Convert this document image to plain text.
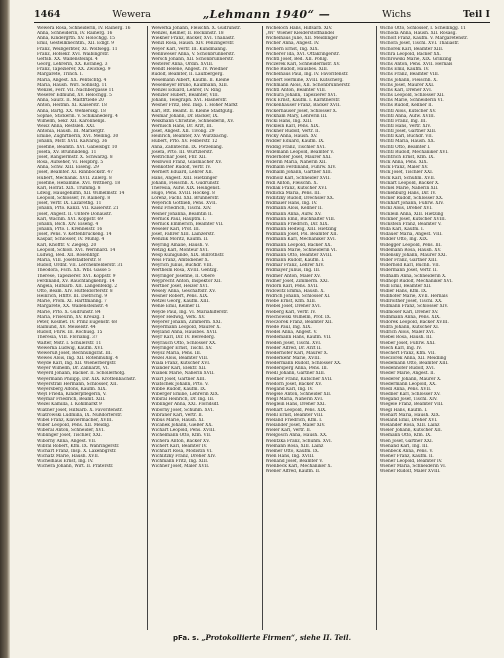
1464	Wewera	„Lehmann 1940“ —	Wichs	Teil I
Wewera Rosa, Schneiderin, IV. Rainerg. 16
Anna, Schneiderin, IV. Rainerg. 16
Anna, Kindergrtn. XV. Holochgg. 15
Emil, Gestellknechtm., XII. Edlgf. 9
Franz, Weißgerbter, XI. Wolfsegg. 11
Franz, Hofsekr. XVI. Waibingrstr.
Geftsb. XX. Wallensteinpl. 4
Georg, Lehrerin, XX. Koraneg. 3
Franz, Tapezierer, XX. Zwickeg. 9
Margarete, Trinch. I.
Maria, Angest. XX. Pentschtg. 4
Maria, Haush. Wirl. Sohnsfg. 11
Wenzel, Ferr. VII. Nächbergasse 11
Weserer Edmund, XV. Helochgg. 5
Anna, Säurz. II. Maltfrtiede 20
Anton, Heitmn. XI. Kaiserstr. 18
Anna, Bärtg. XX. Wehlerskg. 18
Sophie, Stickerin. V. Schikanederg. 4
Wilhelm, Sekr. XII. Karolinenpl.
Weisz Anna, Restsleh. XXI.
Antonia, Haush. III. Marxergtr.
Emilie, Zughrtnerin, XVI. Melling. 30
Johann, Mstr. XVII. Kalvarsg. 36
Josefine, Beamtn. XVI. Gabelsbgr. 10
Josefa, XV. Brunhildeng. 11
Josef, Rangiermstr. X. Schwarzg. 8
Rosa, Aufseher, VI. Heipbrg. 5
Anna, Schw. XIII. Eiseng. 29
Josef, Beamter. XI. Rinnböckstr. 47
Hubert, Mechanik. XVII. Zillerg. 8
Josefine, Hebamme. XVI. Wittnerg. 18
Karl, Hofrat. XIX. Trummg. 8
Ldwig, Hausgehilfin, XII. Wilhelmstr. 14
Leopold, Schlosser, IV. Rainerg. 8
Josef, Vertr. IX. Lazarethg. 11
Johann, Prto. Kanzl. VII. Kaiserstr. 21
Josef, Angest. II. Untere Donaustr.
Karl, Wachm. XVI. Koppstr. 69
Johann, Bsch. XIV. Eiseng. 4
Johann, Prto. I. Krehnelstr. 16
Josef, Pens. V. Kettenbrückeng. 14
Kaspar, Schlosser, IV. Mühlg. 4
Karl, Khofftr. V. Ziegelg. 20
Leopold, Schloß. XVI. Wernhard. 14
Ludwig, Bed. XII. Rosenhfgr.
Maria, VIII. Josefstädterstr. 8
Rudolf, Ordnf. VII. Lerchenfelderstr. 31
Theodora, Fsch. XX. Wbl. Gasse 5
Therese, Tapezierer. XVI. Koppstr. 9
Ferdinand, XV. Rauchfangkehrg. 14
Angela, Hilfsarb. XII. Längenfeldg. 2
Otto, Beam. XIV. Hütteldorferstr. 8
Heinrich, Hflftv. III. Dietrichg. 9
Marie, Prom. XI. Harttmanng. 7
Margarete, XX. Wallensteinstr. 4
Marie, Prto. X. Gudrunstr. 84
Maria, Friseurin, XV. Kreuzg. 1
Peter, Kosmet. IV. Prinz Eugenstr. 68
Raimund, XV. Meiselstr. 44
Rudolf, Fhrw. III. Rochusg. 15
Theresia, VIII. Florianig. 37
Walter, Mstr. I. Schulerstr. 11
Wewerka Ludwig, Kaufm. XVI.
Weweruß Josef, Rechnungsrat. III.
Wewes Alois, Ing. XII. Rotenmühlg. 4
Weyde Karl, Ing. XII. Wienerbergstr.
Weyer Wilhelm, Dr. Zahnarzt, VI.
Weyerd Johann, Bäcker. II. Schöllerhofg.
Weyermann Philipp, Dir. XIX. Krottenbachstr.
Weyerstraß Hermann, Schlosser, XII.
Weyersberg Alfons, Kaufm. XIX.
Weyl Frieda, Kinderpflegerin, V.
Weymar Friedrich, Beamt. XIII.
Wezel Kamilla, I. Kohlmarkt 9
Wiatner Josef, Hilfsarb. X. Favoritenstr.
Wiatrowski Ludmilla, IX. Nußdorferstr.
Wibel Franz, Klaviermacher, XVIII.
Wiber Leopold, Pens. XII. Meidlg.
Wiberal Anton, Schneider, XVI.
Wiblinger Josef, Tischler, XXI.
Wiborny Anna, Angest. VII.
Wibral Robert, Kfm. IX. Währingerstr.
Wichart Franz, Insp. X. Laxenbgrstr.
Wichatz Marie, Haush. XVII.
Wichelhaus Ernst, Ing. IV.
Wichera Johann, Wirt. II. Praterstr.
Wewerka Johann, Fleischh. X. Gudrunstr.
Wenzel, Kellner, II. Böcklinstr. 18
Wiekner Franz, Bäcker, XVI. Thaliastr.
Wenzl Rosa, Haush. XIV. Penzingerstr.
Weyer Karl, Vertr. III. Kundmanng.
Wennweser Anna, V. Schönbrunnerstr.
Wersch Johann, XII. Schönbrunnerstr.
Weiterer Anna, Ordin. XVIII.
Wendt Helene, Angest. IV. Wiedner
Rudolf, Beamter, II. Laufbergerg.
Wesemann Albert, Kaufm. II. Kleine
Wesemeyer Bruno, Kaufmann, XIII.
Wenzel Eduard, Lehrer, IV. Ring
Wenzler Hubert, Beamter, VIII.
Johann, Telegraph. XVI. Hasnerstr.
Wesner Fritz, Bez. Insp. I. Hoher Markt
Karl, Rtt. Beamt. II. Kleine Stadtgutg.
Weimar Johann, Dr. Bäcker, IX.
Weikmann Christine, Schneiderin, XV.
Wernisch Hans, Dr. Arzt, III.
Josef, Angest. XII. Tivolig. 29
Heinrich, Beamter, XV. Wurzbachg.
Hubert, Prto. XV. Felberstr. 12
Anna, Zahntechn. IX. Porzellang.
Josefa, Prto. III. Würtzlerstr.
Weltrichar Josef, Fhr. XII.
Weißwoll Franz, Glasmacher XV.
Weßkotter Rudolf, Vertr. IV.
Wernert Eduard, Lehrer XII.
Hans, Angest. XIII. Hietzinger
Johann, Fleischh. X. Gudrunstr.
Theresia, Aufw. XIX. Heiligenst.
Hugo, Pens. XVIII. Hockeg. 8
Lorenz, Fachl. XXI. Brünnerstr.
Weyerich Gottlieb, Pens. XVII.
Wenz Friedrich, Tischl. XIV.
Weiner Johanna, Beamtin II.
Wernick Paul, Hauptm. I.
Wernick Emmerich, Beamter VII.
Weseler Karl, Prof. III.
Josef, Fahrer XIII. Lainzerstr.
Wenzlik Moritz, Kaufm. II.
Weyring Amalie, Haush. V.
Wetzig Karl, Monteur XVI.
Wesp Kunigunde, XIX. Billrothstr.
Weis Franz, Amtsdiener X.
Weyrich Julius, Buchdr. VIII.
Wertheim Rosa, XVIII. Gentzg.
Weyringer Josefine, II. Obere
Weyprecht Anton, Inspektor XII.
Wertner Josef, Heizer XVI.
Wesely Anna, Geschäftsfr. XV.
Wesner Robert, Pens. XIX.
Wetzel Georg, Kaufm. XIII.
Wehle Emil, Kellner II.
Weyde Paul, Ing. VI. Mariahilferstr.
Weyer Hedwig, Verk. XV.
Weyerer Johann, Zimmerm. XXI.
Weyermann Leopold, Maurer X.
Weyland Anna, Hausbes. XVII.
Weyr Karl, Dir. IV. Belvederg.
Weyrauch Otto, Schlosser XX.
Weyringer Ernst, Tischl. XV.
Weysz Maria, Pens. III.
Wezel Alois, Beamter VIII.
Wiala Franz, Kutscher XVI.
Wiander Karl, Elektr. XII.
Wianek Marie, Näherin XVII.
Wiart Josef, Gärtner XIII.
Wiatschek Johann, Prto. V.
Wibbe Rudolf, Kaufm. IX.
Wiberger Emilie, Lehrerin XIX.
Wibiral Heinrich, Dr. Ing. III.
Wiblinger Anna, XXI. Floridsdf.
Wiborny Josef, Schuhm. XVI.
Wibraner Karl, Vertr. II.
Wibus Marie, Haush. XI.
Wicanek Johann, Gießer XX.
Wichart Leopold, Pens. XVIII.
Wichelmann Otto, Kfm. VII.
Wichera Anton, Bäcker XV.
Wichert Karl, Beamter IV.
Wichhart Rosa, Modistin VI.
Wichlitzky Franz, Dreher XIV.
Wichmann Fritz, Ing. XIII.
Wichner Josef, Maler XVII.
Wicheloch Hans, Hilfsarb. XIV.
„Wi“ Wiener Kleiderstoffhandel
Wichelhaus Julie, XII. Meidlinger
Wicher Anna, Angest. IV.
Wichern Ernst, Ing. XIX.
Wicherer Ida, XVI. Ottakringerstr.
Wichtl Josef, Bed. XII. Pohlg.
Wiczerek Karl, Schneidermstr. XV.
Wiche Rudolf, Hausbes. XIII.
Wichelhaus Paul, Ing. IV. Favoritenstr.
Wichert Hermine, XVIII. Kutscherg.
Wichmann Alois, XII. Schönbrunnerstr.
Wichtl Anton, Beamter VIII.
Wichura Johann, Tapezierer XVI.
Wick Ernst, Kaufm. I. Kärntnerstr.
Wickenhauser Franz, Bäcker XVII.
Wickerhauser Josef, Schlosser X.
Wickham Mary, Lehrerin III.
Wicki Hans, Ing. XIII.
Wicklein Karl, Pens. XIX.
Wickner Rudolf, Vertr. II.
Wicky Anna, Haush. XV.
Widder Eduard, Kaufm. IX.
Widdig Franz, Tischler XVI.
Widemann Leopold, Beamter V.
Widerhofer Josef, Maurer XXI.
Widerin Maria, Näherin XII.
Widhalm Ferdinand, Fuhrw. XIV.
Widhalm Johann, Gärtner XIII.
Widholz Karl, Schneider XVII.
Widl Anton, Fleischh. X.
Widlak Franz, Kutscher XVI.
Widlicka Maria, Pens. III.
Widlitzky Rudolf, Drechsler XX.
Widmaier Hans, Ing. IV.
Widmann Alois, Kellner II.
Widmann Anna, Aufw. XV.
Widmann Emil, Buchhalter VIII.
Widmann Friedrich, Dir. XIX.
Widmann Hedwig, XIII. Hietzing
Widmann Josef, Pol. Beamter XII.
Widmann Karl, Mechaniker XVI.
Widmann Leopold, Bäcker XX.
Widmann Marie, Schneiderin VI.
Widmann Otto, Beamter XVIII.
Widmann Rudolf, Kaufm. I.
Widmar Franz, Lehrer XIV.
Widmayer Julius, Ing. III.
Widmer Anton, Maler XV.
Widner Josef, Zimmerm. XXI.
Widorn Karl, Pens. XVII.
Widowitz Emma, Haush. X.
Widrich Johann, Schlosser XI.
Wiebe Ernst, Kfm. XIII.
Wiebel Josef, Dreher XVI.
Wieberg Karl, Vertr. IV.
Wiechowski Wilhelm, Prof. IX.
Wieczorek Franz, Beamter XII.
Wiede Paul, Ing. XIX.
Wiedel Anna, Angest. V.
Wiedemann Hans, Kaufm. VII.
Wieden Josef, Tischl. XVI.
Wieder Alfred, Dr. Arzt II.
Wiederhofer Karl, Maurer X.
Wiederkehr Marie, XVIII.
Wiedermann Rudolf, Schlosser XX.
Wiedersperg Anna, Pens. III.
Wiedl Johann, Gärtner XIII.
Wiedner Franz, Kutscher XVII.
Wiedorn Josef, Bäcker XV.
Wiegand Karl, Ing. IV.
Wiegele Anton, Schneider XII.
Wiegl Maria, Näherin XVI.
Wieglein Hans, Dreher XXI.
Wiehart Leopold, Pens. XIX.
Wiehl Ernst, Beamter VIII.
Wieland Friedrich, Kfm. I.
Wielander Josef, Maler XIV.
Wieler Karl, Vertr. II.
Wielgosch Anna, Haush. XX.
Wielitzka Franz, Schuhm. XVI.
Wiemann Rosa, XIII. Lainz
Wiemer Otto, Kaufm. IX.
Wien Hans, Ing. XVIII.
Wienand Josef, Beamter V.
Wienbeck Karl, Mechaniker X.
Wiener Alfred, Kaufm. II.
Wicho Otto, Schlosser, I. Schellingg. 11
Wichoda Anna, Haush. XII. Rosasg.
Wicholt Franz, Kaufm. V. Margaretenstr.
Wichora Josef, Tischl. XVI. Thaliastr.
Wichorek Karl, Beamter XIII.
Wichra Leopold, Bäcker XX.
Wichrowski Marie, XIX. Grinzing
Wichs Anton, Pens. XVII. Hernals
Wichs Emil, Kaufm. IV.
Wichs Franz, Beamter VIII.
Wichs Johann, Fleischh. X.
Wichs Josef, Maurer XXI.
Wichs Karl, Dreher XVI.
Wichs Leopold, Schlosser XII.
Wichs Marie, Schneiderin VI.
Wichs Rudolf, Kellner II.
Wichtl Alois, Kutscher XV.
Wichtl Anna, Aufw. XVIII.
Wichtl Franz, Ing. III.
Wichtl Hans, Vertr. XIV.
Wichtl Josef, Gärtner XIII.
Wichtl Karl, Buchdr. VII.
Wichtl Maria, Haush. XX.
Wichtl Otto, Beamter I.
Wichtl Rudolf, Mechaniker XVI.
Wichtrich Ernst, Kfm. IX.
Wick Anna, Pens. XIX.
Wick Franz, Maler XV.
Wick Josef, Tischler XXI.
Wick Karl, Schuhm. XVII.
Wickart Leopold, Bäcker X.
Wickel Marie, Näherin XII.
Wickenburg Hans, Dir. IV.
Wicker Rudolf, Schlosser XX.
Wickhart Johann, Fuhrw. XIV.
Wickl Alois, Dreher XVI.
Wicklein Anna, XIII. Hietzing
Wickner Josef, Kutscher XVIII.
Wickstein Franz, Beamter V.
Wida Karl, Kaufm. I.
Widauer Maria, Angest. VIII.
Widder Otto, Ing. XIX.
Widegger Leopold, Pens. III.
Widemann Rosa, Haush. XV.
Widensky Johann, Maurer XXI.
Wider Franz, Gärtner XIII.
Widerhold Karl, Buchh. VII.
Widermann Josef, Vertr. II.
Widhalm Anna, Schneiderin X.
Widhopf Rudolf, Mechaniker XVI.
Widl Emil, Beamter XII.
Widler Hans, Kfm. IX.
Widlhofer Marie, XVII. Hernals
Widlroither Josef, Tischl. XX.
Widmann Franz, Schlosser XIV.
Widmoser Karl, Dreher XV.
Widnmann Anna, Pens. XIX.
Widorek Leopold, Bäcker XVIII.
Widra Johann, Kutscher XI.
Widrich Alois, Maler XVI.
Wiebel Rosa, Haush. III.
Wieber Josef, Fuhrw. XXI.
Wiech Karl, Ing. IV.
Wiechert Franz, Kfm. VII.
Wieczorek Anna, XII. Meidling
Wiedemann Otto, Beamter XIII.
Wiedenhofer Rudolf, XVI.
Wieder Marie, Angest. II.
Wiederer Johann, Maurer X.
Wiedermann Leopold, XX.
Wiedl Anna, Pens. XVII.
Wiedner Karl, Schlosser XV.
Wiegand Josef, Tischl. XIV.
Wiegele Franz, Beamter VIII.
Wiegl Hans, Kaufm. I.
Wiehart Maria, Haush. XIX.
Wieland Emil, Dreher XVI.
Wielander Rosa, XIII. Lainz
Wieler Johann, Kutscher XII.
Wiemann Otto, Kfm. IX.
Wien Josef, Gärtner XXI.
Wienand Karl, Ing. III.
Wienbeck Anna, Pens. V.
Wiener Franz, Kaufm. II.
Wiener Leopold, Beamter IV.
Wiener Maria, Schneiderin VI.
Wiener Rudolf, Maler XVIII.
pFa. s. „Protokollierte Firmen“, siehe II. Teil.
